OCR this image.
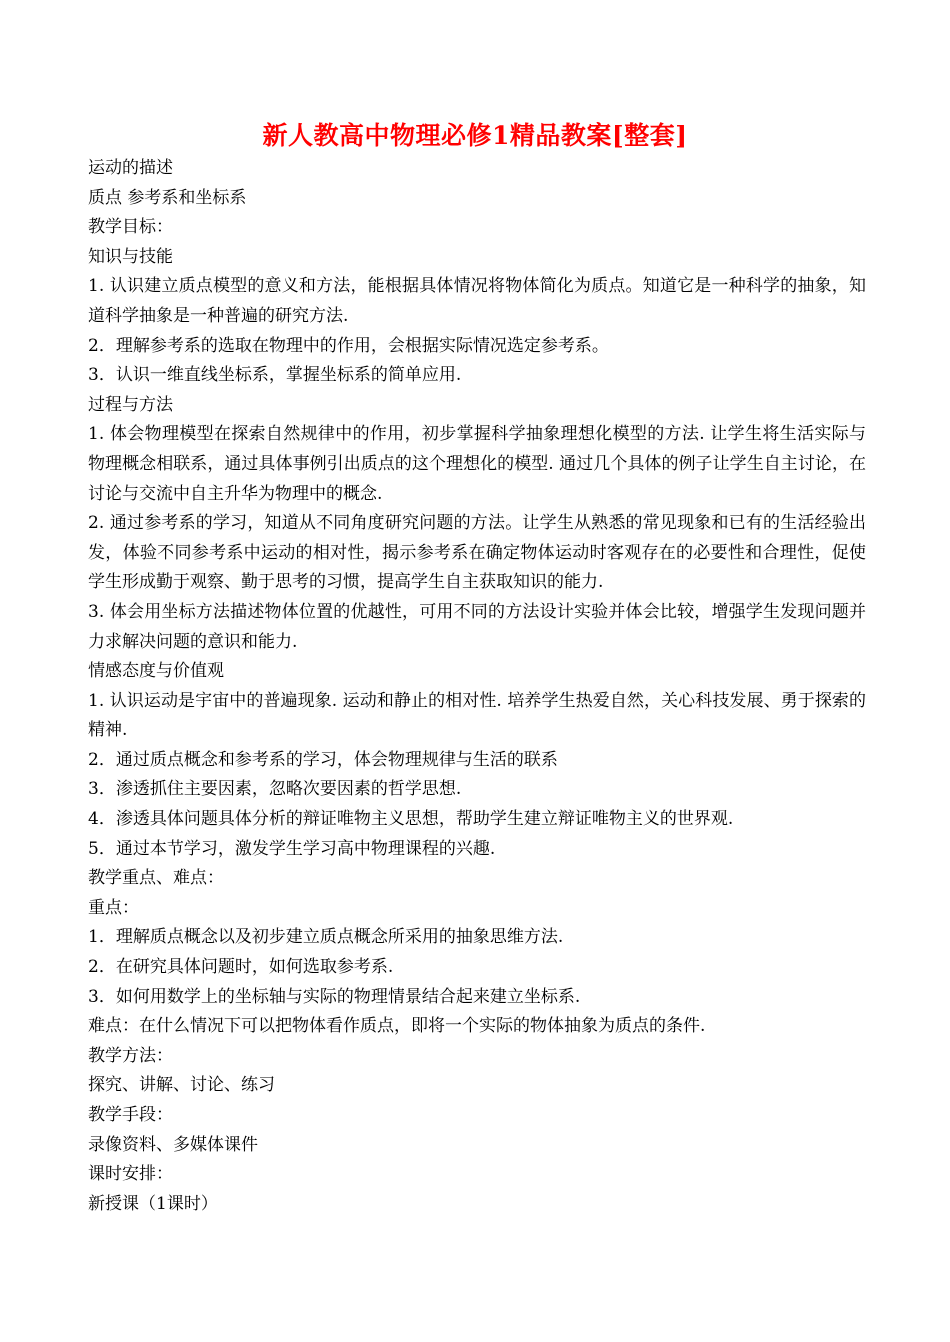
新人教高中物理必修1精品教案[整套]

运动的描述

质点 参考系和坐标系

教学目标：

知识与技能

1. 认识建立质点模型的意义和方法，能根据具体情况将物体简化为质点。知道它是一种科学的抽象，知道科学抽象是一种普遍的研究方法.

2．理解参考系的选取在物理中的作用，会根据实际情况选定参考系。

3．认识一维直线坐标系，掌握坐标系的简单应用.

过程与方法

1. 体会物理模型在探索自然规律中的作用，初步掌握科学抽象理想化模型的方法. 让学生将生活实际与物理概念相联系，通过具体事例引出质点的这个理想化的模型. 通过几个具体的例子让学生自主讨论，在讨论与交流中自主升华为物理中的概念.

2. 通过参考系的学习，知道从不同角度研究问题的方法。让学生从熟悉的常见现象和已有的生活经验出发，体验不同参考系中运动的相对性，揭示参考系在确定物体运动时客观存在的必要性和合理性，促使学生形成勤于观察、勤于思考的习惯，提高学生自主获取知识的能力.

3. 体会用坐标方法描述物体位置的优越性，可用不同的方法设计实验并体会比较，增强学生发现问题并力求解决问题的意识和能力.

情感态度与价值观

1. 认识运动是宇宙中的普遍现象. 运动和静止的相对性. 培养学生热爱自然，关心科技发展、勇于探索的精神.

2．通过质点概念和参考系的学习，体会物理规律与生活的联系

3．渗透抓住主要因素，忽略次要因素的哲学思想.

4．渗透具体问题具体分析的辩证唯物主义思想，帮助学生建立辩证唯物主义的世界观.

5．通过本节学习，激发学生学习高中物理课程的兴趣.

教学重点、难点：

重点：

1．理解质点概念以及初步建立质点概念所采用的抽象思维方法.

2．在研究具体问题时，如何选取参考系.

3．如何用数学上的坐标轴与实际的物理情景结合起来建立坐标系.

难点：在什么情况下可以把物体看作质点，即将一个实际的物体抽象为质点的条件.

教学方法：

探究、讲解、讨论、练习

教学手段：

录像资料、多媒体课件

课时安排：

新授课（1课时）
